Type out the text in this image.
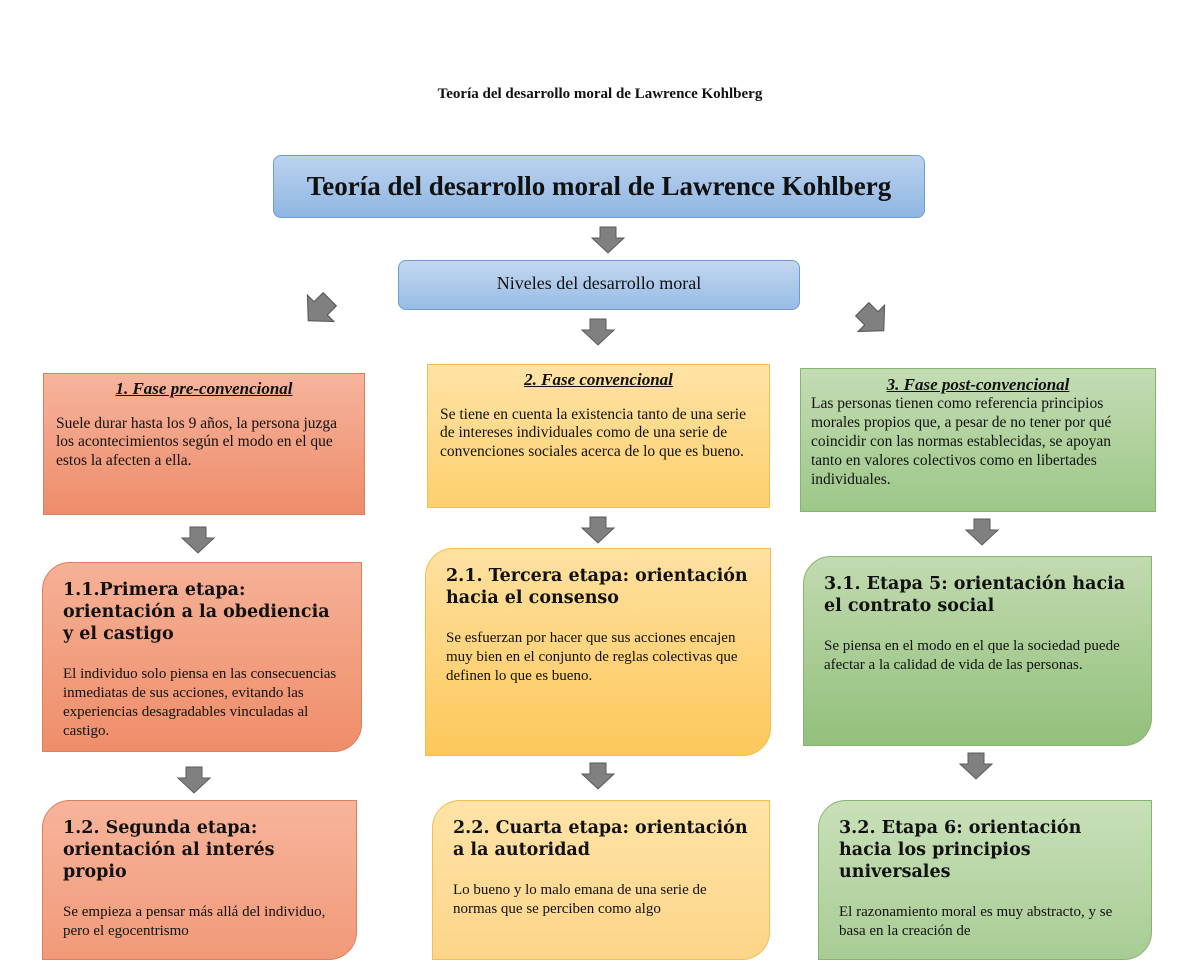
Teoría del desarrollo moral de Lawrence Kohlberg
Teoría del desarrollo moral de Lawrence Kohlberg
Niveles del desarrollo moral
1. Fase pre-convencional
Suele durar hasta los 9 años, la persona juzga los acontecimientos según el modo en el que estos la afecten a ella.
2. Fase convencional
Se tiene en cuenta la existencia tanto de una serie de intereses individuales como de una serie de convenciones sociales acerca de lo que es bueno.
3. Fase post-convencional
Las personas tienen como referencia principios morales propios que, a pesar de no tener por qué coincidir con las normas establecidas, se apoyan tanto en valores colectivos como en libertades individuales.
1.1.Primera etapa: orientación a la obediencia y el castigo
El individuo solo piensa en las consecuencias inmediatas de sus acciones, evitando las experiencias desagradables vinculadas al castigo.
2.1. Tercera etapa: orientación hacia el consenso
Se esfuerzan por hacer que sus acciones encajen muy bien en el conjunto de reglas colectivas que definen lo que es bueno.
3.1. Etapa 5: orientación hacia el contrato social
Se piensa en el modo en el que la sociedad puede afectar a la calidad de vida de las personas.
1.2. Segunda etapa: orientación al interés propio
Se empieza a pensar más allá del individuo, pero el egocentrismo
2.2. Cuarta etapa: orientación a la autoridad
Lo bueno y lo malo emana de una serie de normas que se perciben como algo
3.2. Etapa 6: orientación hacia los principios universales
El razonamiento moral es muy abstracto, y se basa en la creación de
